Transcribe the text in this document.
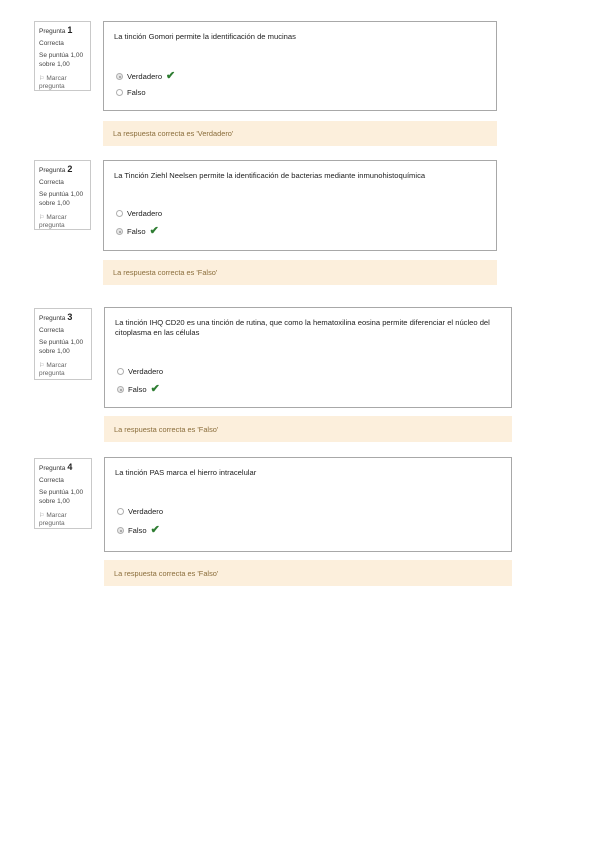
Pregunta 1
Correcta
Se puntúa 1,00 sobre 1,00
⚐ Marcar pregunta
La tinción Gomori permite la identificación de mucinas
Verdadero ✔
Falso
La respuesta correcta es 'Verdadero'
Pregunta 2
Correcta
Se puntúa 1,00 sobre 1,00
⚐ Marcar pregunta
La Tinción Ziehl Neelsen permite la identificación de bacterias mediante inmunohistoquímica
Verdadero
Falso ✔
La respuesta correcta es 'Falso'
Pregunta 3
Correcta
Se puntúa 1,00 sobre 1,00
⚐ Marcar pregunta
La tinción IHQ CD20 es una tinción de rutina, que como la hematoxilina eosina permite diferenciar el núcleo del citoplasma en las células
Verdadero
Falso ✔
La respuesta correcta es 'Falso'
Pregunta 4
Correcta
Se puntúa 1,00 sobre 1,00
⚐ Marcar pregunta
La tinción PAS marca el hierro intracelular
Verdadero
Falso ✔
La respuesta correcta es 'Falso'
